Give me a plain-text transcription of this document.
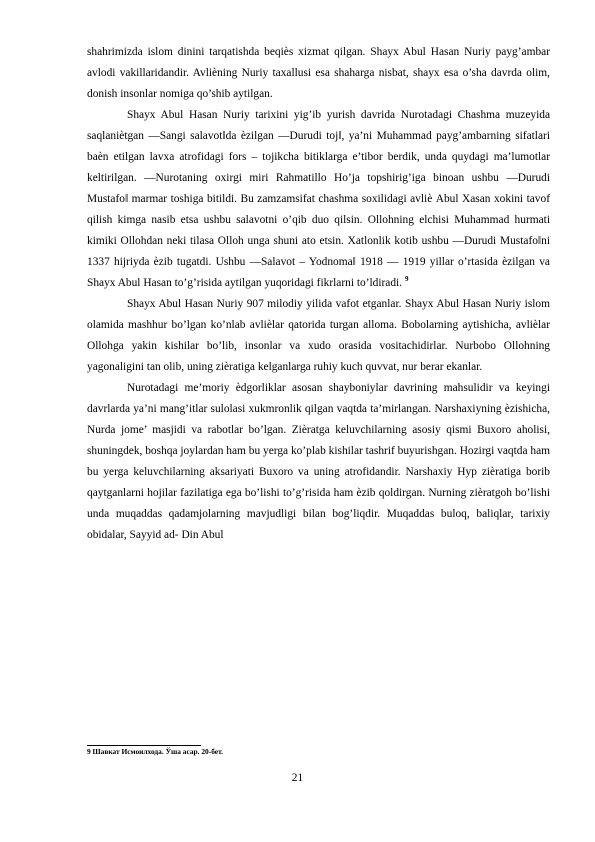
shahrimizda islom dinini tarqatishda beqiѐs xizmat qilgan. Shayx Abul Hasan Nuriy payg’ambar avlodi vakillaridandir. Avliѐning Nuriy taxallusi esa shaharga nisbat, shayx esa o’sha davrda olim, donish insonlar nomiga qo’shib aytilgan.

Shayx Abul Hasan Nuriy tarixini yig’ib yurish davrida Nurotadagi Chashma muzeyida saqlaniѐtgan ―Sangi salavotǁda ѐzilgan ―Durudi tojǁ, ya’ni Muhammad payg’ambarning sifatlari baѐn etilgan lavxa atrofidagi fors – tojikcha bitiklarga e’tibor berdik, unda quydagi ma’lumotlar keltirilgan. ―Nurotaning oxirgi miri Rahmatillo Ho’ja topshirig’iga binoan ushbu ―Durudi Mustafoǁ marmar toshiga bitildi. Bu zamzamsifat chashma soxilidagi avliѐ Abul Xasan xokini tavof qilish kimga nasib etsa ushbu salavotni o’qib duo qilsin. Ollohning elchisi Muhammad hurmati kimiki Ollohdan neki tilasa Olloh unga shuni ato etsin. Xatlonlik kotib ushbu ―Durudi Mustafoǁni 1337 hijriyda ѐzib tugatdi. Ushbu ―Salavot – Yodnomaǁ 1918 — 1919 yillar o’rtasida ѐzilgan va Shayx Abul Hasan to’g’risida aytilgan yuqoridagi fikrlarni to’ldiradi. $^9$

Shayx Abul Hasan Nuriy 907 milodiy yilida vafot etganlar. Shayx Abul Hasan Nuriy islom olamida mashhur bo’lgan ko’nlab avliѐlar qatorida turgan alloma. Bobolarning aytishicha, avliѐlar Ollohga yakin kishilar bo’lib, insonlar va xudo orasida vositachidirlar. Nurbobo Ollohning yagonaligini tan olib, uning ziѐratiga kelganlarga ruhiy kuch quvvat, nur berar ekanlar.

Nurotadagi me’moriy ѐdgorliklar asosan shayboniylar davrining mahsulidir va keyingi davrlarda ya’ni mang’itlar sulolasi xukmronlik qilgan vaqtda ta’mirlangan. Narshaxiyning ѐzishicha, Nurda jome’ masjidi va rabotlar bo’lgan. Ziѐratga keluvchilarning asosiy qismi Buxoro aholisi, shuningdek, boshqa joylardan ham bu yerga ko’plab kishilar tashrif buyurishgan. Hozirgi vaqtda ham bu yerga keluvchilarning aksariyati Buxoro va uning atrofidandir. Narshaxiy Hyp ziѐratiga borib qaytganlarni hojilar fazilatiga ega bo’lishi to’g’risida ham ѐzib qoldirgan. Nurning ziѐratgoh bo’lishi unda muqaddas qadamjolarning mavjudligi bilan bog’liqdir. Muqaddas buloq, baliqlar, tarixiy obidalar, Sayyid ad- Din Abul

9 Шавкат Исмоилхода. Ўша асар. 20-бет.
21
